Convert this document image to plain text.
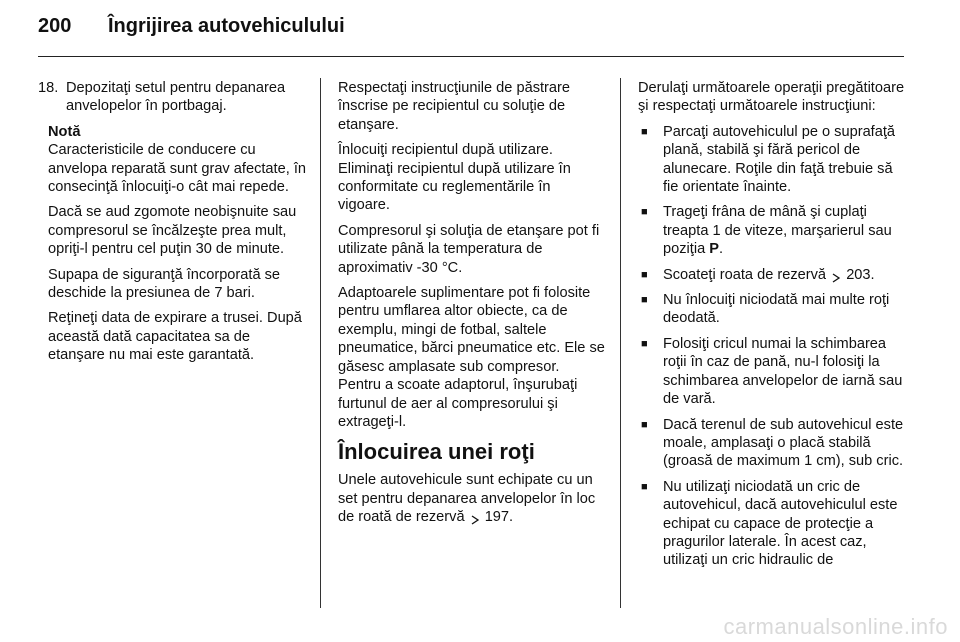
200	Îngrijirea autovehiculului
18. Depozitaţi setul pentru depanarea anvelopelor în portbagaj.
Notă

Caracteristicile de conducere cu anvelopa reparată sunt grav afectate, în consecinţă înlocuiţi-o cât mai repede.

Dacă se aud zgomote neobişnuite sau compresorul se încălzeşte prea mult, opriţi-l pentru cel puţin 30 de minute.

Supapa de siguranţă încorporată se deschide la presiunea de 7 bari.

Reţineţi data de expirare a trusei. După această dată capacitatea sa de etanşare nu mai este garantată.

Respectaţi instrucţiunile de păstrare înscrise pe recipientul cu soluţie de etanşare.

Înlocuiţi recipientul după utilizare. Eliminaţi recipientul după utilizare în conformitate cu reglementările în vigoare.

Compresorul şi soluţia de etanşare pot fi utilizate până la temperatura de aproximativ -30 °C.

Adaptoarele suplimentare pot fi folosite pentru umflarea altor obiecte, ca de exemplu, mingi de fotbal, saltele pneumatice, bărci pneumatice etc. Ele se găsesc amplasate sub compresor. Pentru a scoate adaptorul, înşurubaţi furtunul de aer al compresorului şi extrageţi-l.

Înlocuirea unei roţi

Unele autovehicule sunt echipate cu un set pentru depanarea anvelopelor în loc de roată de rezervă 197.

Derulaţi următoarele operaţii pregătitoare şi respectaţi următoarele instrucţiuni:

■	Parcaţi autovehiculul pe o suprafaţă plană, stabilă şi fără pericol de alunecare. Roţile din faţă trebuie să fie orientate înainte.
■	Trageţi frâna de mână şi cuplaţi treapta 1 de viteze, marşarierul sau poziţia P.
■	Scoateţi roata de rezervă 203.
■	Nu înlocuiţi niciodată mai multe roţi deodată.
■	Folosiţi cricul numai la schimbarea roţii în caz de pană, nu-l folosiţi la schimbarea anvelopelor de iarnă sau de vară.
■	Dacă terenul de sub autovehicul este moale, amplasaţi o placă stabilă (groasă de maximum 1 cm), sub cric.
■	Nu utilizaţi niciodată un cric de autovehicul, dacă autovehiculul este echipat cu capace de protecţie a pragurilor laterale. În acest caz, utilizaţi un cric hidraulic de
carmanualsonline.info
